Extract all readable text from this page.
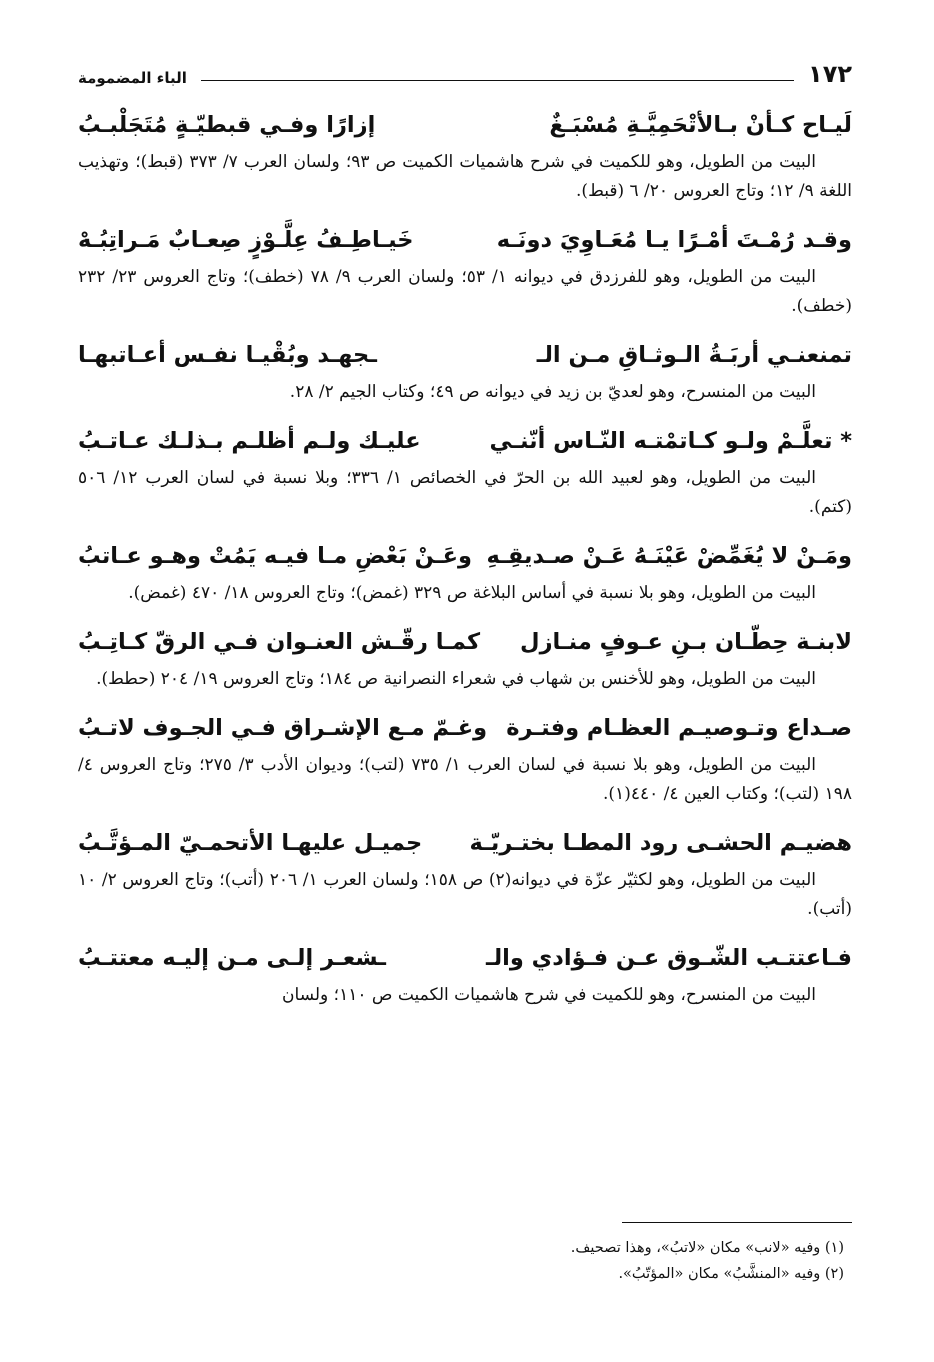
١٧٢
الباء المضمومة
لَيـاح كـأنْ بـالأتْحَمِيَّـةِ مُسْبَـغٌ
إزارًا وفـي قبطيّـةٍ مُتَجَلْبـبُ
البيت من الطويل، وهو للكميت في شرح هاشميات الكميت ص ٩٣؛ ولسان العرب ٧/ ٣٧٣ (قبط)؛ وتهذيب اللغة ٩/ ١٢؛ وتاج العروس ٢٠/ ٦ (قبط).
وقـد رُمْـتَ أمْـرًا يـا مُعَـاوِيَ دونَـه
خَيـاطِـفُ عِلَّـوْزٍ صِعـابٌ مَـراتِبُـهْ
البيت من الطويل، وهو للفرزدق في ديوانه ١/ ٥٣؛ ولسان العرب ٩/ ٧٨ (خطف)؛ وتاج العروس ٢٣/ ٢٣٢ (خطف).
تمنعنـي أربَـةُ الـوثـاقِ مـن الـ
ـجهـد وبُقْيـا نفـس أعـاتبهـا
البيت من المنسرح، وهو لعديّ بن زيد في ديوانه ص ٤٩؛ وكتاب الجيم ٢/ ٢٨.
* تعلَّـمْ ولـو كـاتمْتـه النّـاس أنّنـي
عليـك ولـم أظلـم بـذلـك عـاتـبُ
البيت من الطويل، وهو لعبيد الله بن الحرّ في الخصائص ١/ ٣٣٦؛ وبلا نسبة في لسان العرب ١٢/ ٥٠٦ (كتم).
ومَـنْ لا يُغَمِّضْ عَيْنَـهُ عَـنْ صـديقِـهِ
وعَـنْ بَعْضِ مـا فيـه يَمُتْ وهـو عـاتبُ
البيت من الطويل، وهو بلا نسبة في أساس البلاغة ص ٣٢٩ (غمض)؛ وتاج العروس ١٨/ ٤٧٠ (غمض).
لابنـة حِطّـان بـنِ عـوفٍ منـازل
كمـا رقّـش العنـوان فـي الرقّ كـاتِـبُ
البيت من الطويل، وهو للأخنس بن شهاب في شعراء النصرانية ص ١٨٤؛ وتاج العروس ١٩/ ٢٠٤ (حطط).
صـداع وتـوصيـم العظـام وفتـرة
وغـمّ مـع الإشـراق فـي الجـوف لاتـبُ
البيت من الطويل، وهو بلا نسبة في لسان العرب ١/ ٧٣٥ (لتب)؛ وديوان الأدب ٣/ ٢٧٥؛ وتاج العروس ٤/ ١٩٨ (لتب)؛ وكتاب العين ٤/ ٤٤٠(١).
هضيـم الحشـى رود المطـا بختـريّـة
جميـل عليهـا الأتحمـيّ المـؤتَّـبُ
البيت من الطويل، وهو لكثيّر عزّة في ديوانه(٢) ص ١٥٨؛ ولسان العرب ١/ ٢٠٦ (أتب)؛ وتاج العروس ٢/ ١٠ (أتب).
فـاعتتـب الشّـوق عـن فـؤادي والـ
ـشعـر إلـى مـن إليـه معتتـبُ
البيت من المنسرح، وهو للكميت في شرح هاشميات الكميت ص ١١٠؛ ولسان
(١) وفيه «لانب» مكان «لاتبُ»، وهذا تصحيف.
(٢) وفيه «المنشَّبُ» مكان «المؤتّبُ».
